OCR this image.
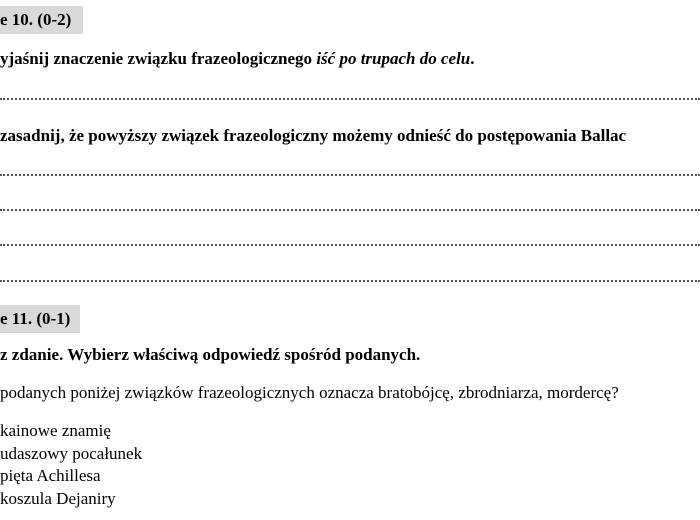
e 10. (0-2)
yjaśnij znaczenie związku frazeologicznego iść po trupach do celu.
zasadnij, że powyższy związek frazeologiczny możemy odnieść do postępowania Ballac
e 11. (0-1)
z zdanie. Wybierz właściwą odpowiedź spośród podanych.
podanych poniżej związków frazeologicznych oznacza bratobójcę, zbrodniarza, mordercę?
kainowe znamię
udaszowy pocałunek
pięta Achillesa
koszula Dejaniry
